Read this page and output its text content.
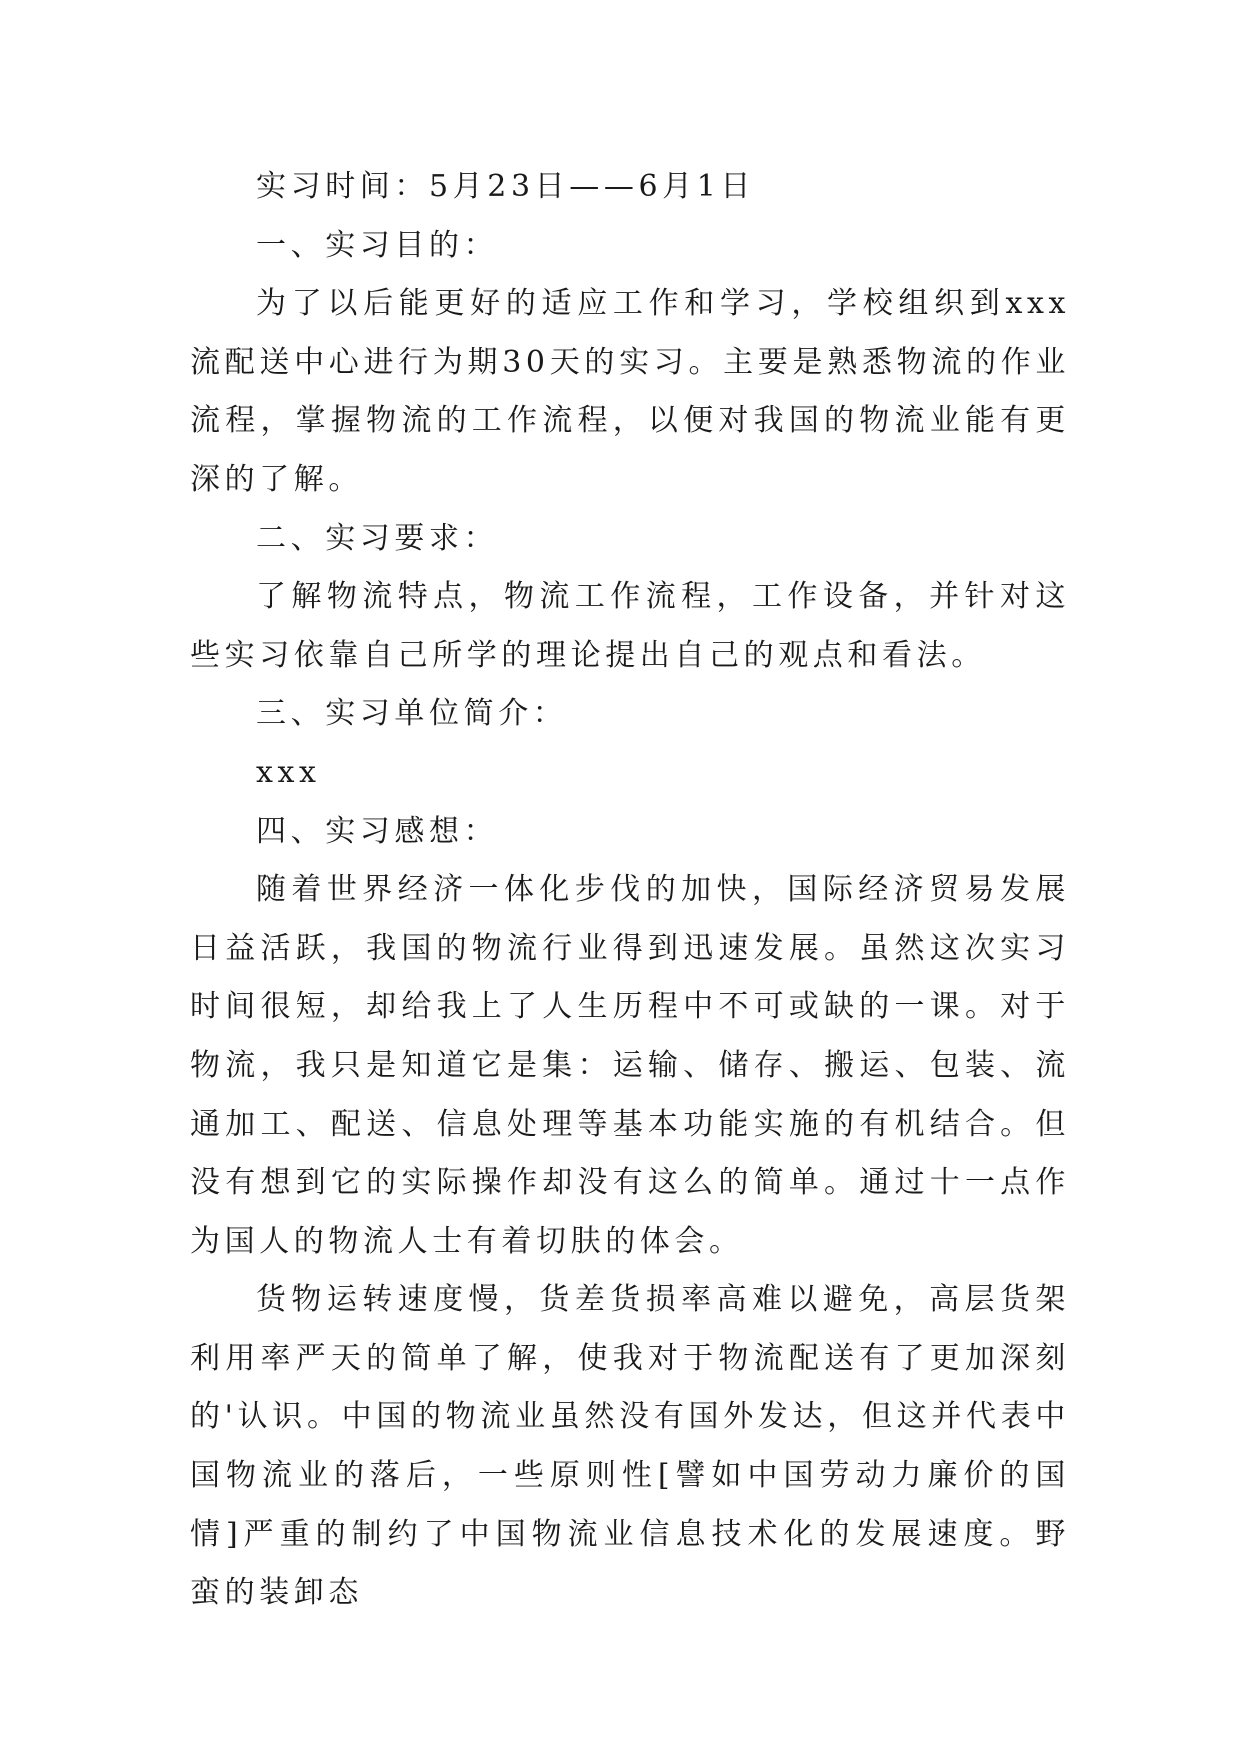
实习时间：5月23日——6月1日

一、实习目的：

为了以后能更好的适应工作和学习，学校组织到xxx流配送中心进行为期30天的实习。主要是熟悉物流的作业流程，掌握物流的工作流程，以便对我国的物流业能有更深的了解。

二、实习要求：

了解物流特点，物流工作流程，工作设备，并针对这些实习依靠自己所学的理论提出自己的观点和看法。

三、实习单位简介：

xxx

四、实习感想：

随着世界经济一体化步伐的加快，国际经济贸易发展日益活跃，我国的物流行业得到迅速发展。虽然这次实习时间很短，却给我上了人生历程中不可或缺的一课。对于物流，我只是知道它是集：运输、储存、搬运、包装、流通加工、配送、信息处理等基本功能实施的有机结合。但没有想到它的实际操作却没有这么的简单。通过十一点作为国人的物流人士有着切肤的体会。

货物运转速度慢，货差货损率高难以避免，高层货架利用率严天的简单了解，使我对于物流配送有了更加深刻的'认识。中国的物流业虽然没有国外发达，但这并代表中国物流业的落后，一些原则性[譬如中国劳动力廉价的国情]严重的制约了中国物流业信息技术化的发展速度。野蛮的装卸态
